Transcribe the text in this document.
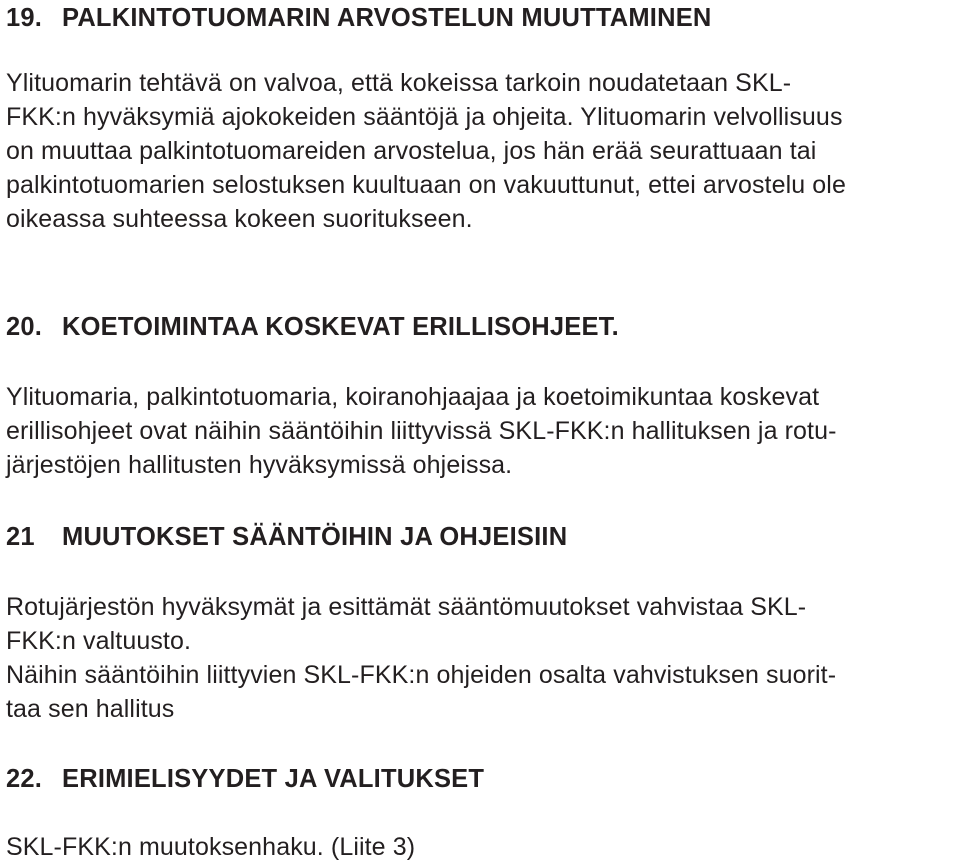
19. PALKINTOTUOMARIN ARVOSTELUN MUUTTAMINEN
Ylituomarin tehtävä on valvoa, että kokeissa tarkoin noudatetaan SKL-
FKK:n hyväksymiä ajokokeiden sääntöjä ja ohjeita. Ylituomarin velvollisuus
on muuttaa palkintotuomareiden arvostelua, jos hän erää seurattuaan tai
palkintotuomarien selostuksen kuultuaan on vakuuttunut, ettei arvostelu ole
oikeassa suhteessa kokeen suoritukseen.
20. KOETOIMINTAA KOSKEVAT ERILLISOHJEET.
Ylituomaria, palkintotuomaria, koiranohjaajaa ja koetoimikuntaa koskevat
erillisohjeet ovat näihin sääntöihin liittyvissä SKL-FKK:n hallituksen ja rotu-
järjestöjen hallitusten hyväksymissä ohjeissa.
21 MUUTOKSET SÄÄNTÖIHIN JA OHJEISIIN
Rotujärjestön hyväksymät ja esittämät sääntömuutokset vahvistaa SKL-
FKK:n valtuusto.
Näihin sääntöihin liittyvien SKL-FKK:n ohjeiden osalta vahvistuksen suorit-
taa sen hallitus
22. ERIMIELISYYDET JA VALITUKSET
SKL-FKK:n muutoksenhaku. (Liite 3)
